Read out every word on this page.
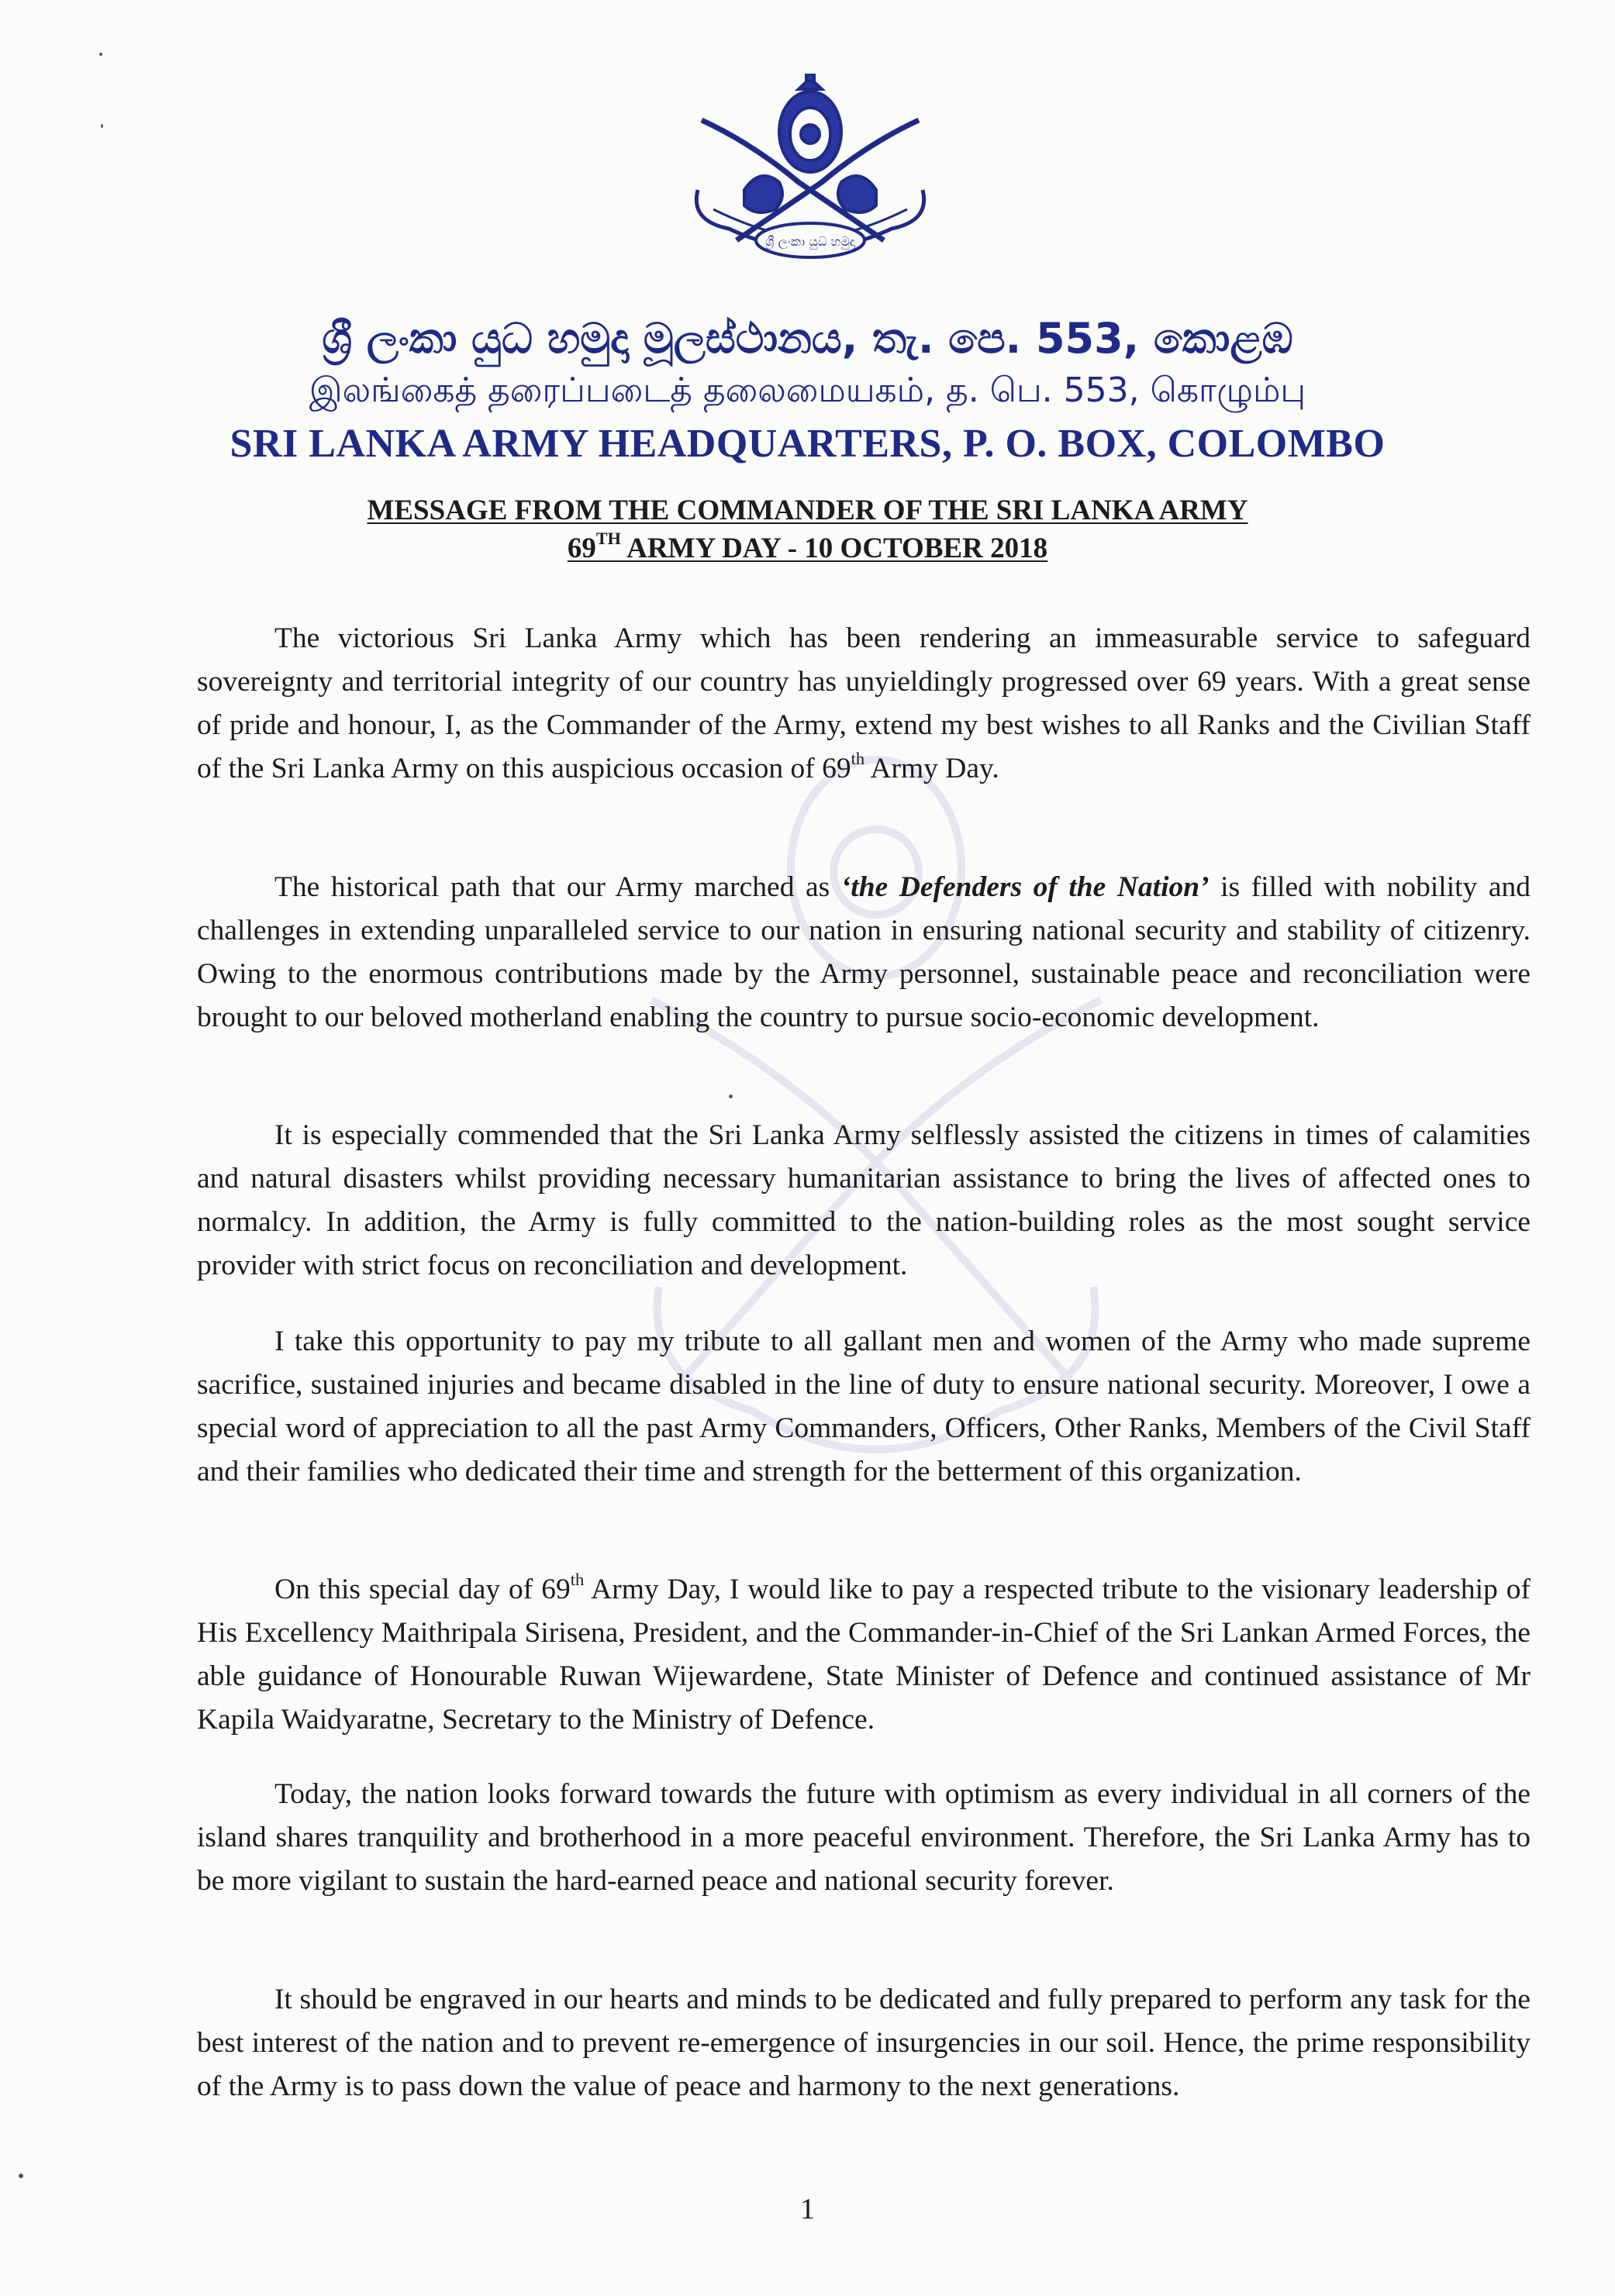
ශ්‍රී ලංකා යුධ හමුදා
ශ්‍රී ලංකා යුධ හමුදා මූලස්ථානය, තැ. පෙ. 553, කොළඹ
இலங்கைத் தரைப்படைத் தலைமையகம், த. பெ. 553, கொழும்பு
SRI LANKA ARMY HEADQUARTERS, P. O. BOX, COLOMBO
MESSAGE FROM THE COMMANDER OF THE SRI LANKA ARMY
69TH ARMY DAY - 10 OCTOBER 2018

The victorious Sri Lanka Army which has been rendering an immeasurable service to safeguard sovereignty and territorial integrity of our country has unyieldingly progressed over 69 years. With a great sense of pride and honour, I, as the Commander of the Army, extend my best wishes to all Ranks and the Civilian Staff of the Sri Lanka Army on this auspicious occasion of 69th Army Day.

The historical path that our Army marched as ‘the Defenders of the Nation’ is filled with nobility and challenges in extending unparalleled service to our nation in ensuring national security and stability of citizenry. Owing to the enormous contributions made by the Army personnel, sustainable peace and reconciliation were brought to our beloved motherland enabling the country to pursue socio-economic development.

It is especially commended that the Sri Lanka Army selflessly assisted the citizens in times of calamities and natural disasters whilst providing necessary humanitarian assistance to bring the lives of affected ones to normalcy. In addition, the Army is fully committed to the nation-building roles as the most sought service provider with strict focus on reconciliation and development.

I take this opportunity to pay my tribute to all gallant men and women of the Army who made supreme sacrifice, sustained injuries and became disabled in the line of duty to ensure national security. Moreover, I owe a special word of appreciation to all the past Army Commanders, Officers, Other Ranks, Members of the Civil Staff and their families who dedicated their time and strength for the betterment of this organization.

On this special day of 69th Army Day, I would like to pay a respected tribute to the visionary leadership of His Excellency Maithripala Sirisena, President, and the Commander-in-Chief of the Sri Lankan Armed Forces, the able guidance of Honourable Ruwan Wijewardene, State Minister of Defence and continued assistance of Mr Kapila Waidyaratne, Secretary to the Ministry of Defence.

Today, the nation looks forward towards the future with optimism as every individual in all corners of the island shares tranquility and brotherhood in a more peaceful environment. Therefore, the Sri Lanka Army has to be more vigilant to sustain the hard-earned peace and national security forever.

It should be engraved in our hearts and minds to be dedicated and fully prepared to perform any task for the best interest of the nation and to prevent re-emergence of insurgencies in our soil. Hence, the prime responsibility of the Army is to pass down the value of peace and harmony to the next generations.

1
